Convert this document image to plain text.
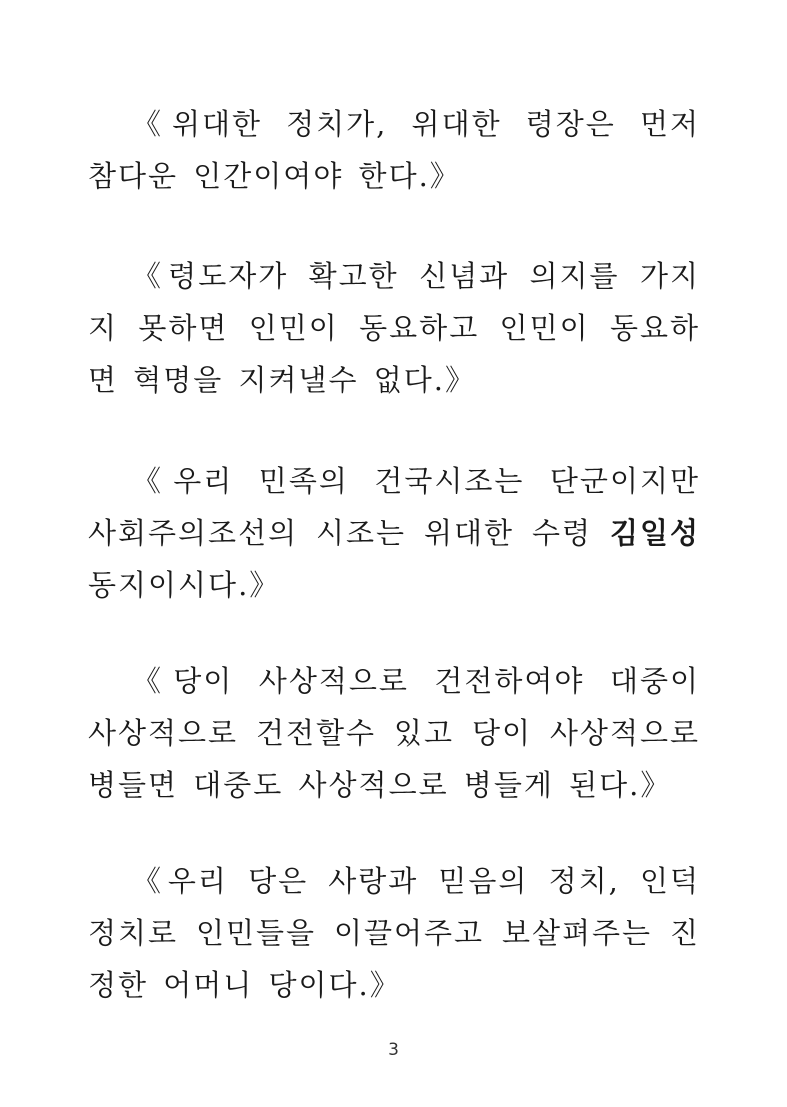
《위대한 정치가, 위대한 령장은 먼저 참다운 인간이여야 한다.》

《령도자가 확고한 신념과 의지를 가지지 못하면 인민이 동요하고 인민이 동요하면 혁명을 지켜낼수 없다.》

《우리 민족의 건국시조는 단군이지만 사회주의조선의 시조는 위대한 수령 김일성동지이시다.》

《당이 사상적으로 건전하여야 대중이 사상적으로 건전할수 있고 당이 사상적으로 병들면 대중도 사상적으로 병들게 된다.》

《우리 당은 사랑과 믿음의 정치, 인덕정치로 인민들을 이끌어주고 보살펴주는 진정한 어머니 당이다.》

3
